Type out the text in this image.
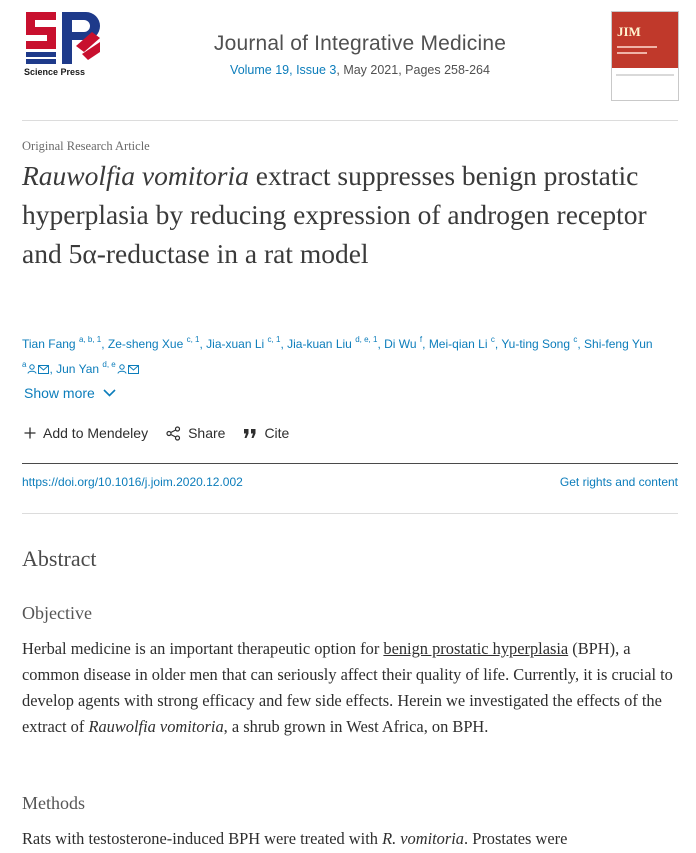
Science Press
Journal of Integrative Medicine
Volume 19, Issue 3, May 2021, Pages 258-264
JIM
Original Research Article
Rauwolfia vomitoria extract suppresses benign prostatic hyperplasia by reducing expression of androgen receptor and 5α-reductase in a rat model
Tian Fang $^{a, b, 1}$, Ze-sheng Xue $^{c, 1}$, Jia-xuan Li $^{c, 1}$, Jia-kuan Liu $^{d, e, 1}$, Di Wu $^f$, Mei-qian Li $^c$, Yu-ting Song $^c$, Shi-feng Yun $^a$ , Jun Yan $^{d, e}$
Show more
Add to Mendeley	Share	Cite
https://doi.org/10.1016/j.joim.2020.12.002	Get rights and content
Abstract
Objective

Herbal medicine is an important therapeutic option for benign prostatic hyperplasia (BPH), a common disease in older men that can seriously affect their quality of life. Currently, it is crucial to develop agents with strong efficacy and few side effects. Herein we investigated the effects of the extract of Rauwolfia vomitoria, a shrub grown in West Africa, on BPH.

Methods

Rats with testosterone-induced BPH were treated with R. vomitoria. Prostates were
